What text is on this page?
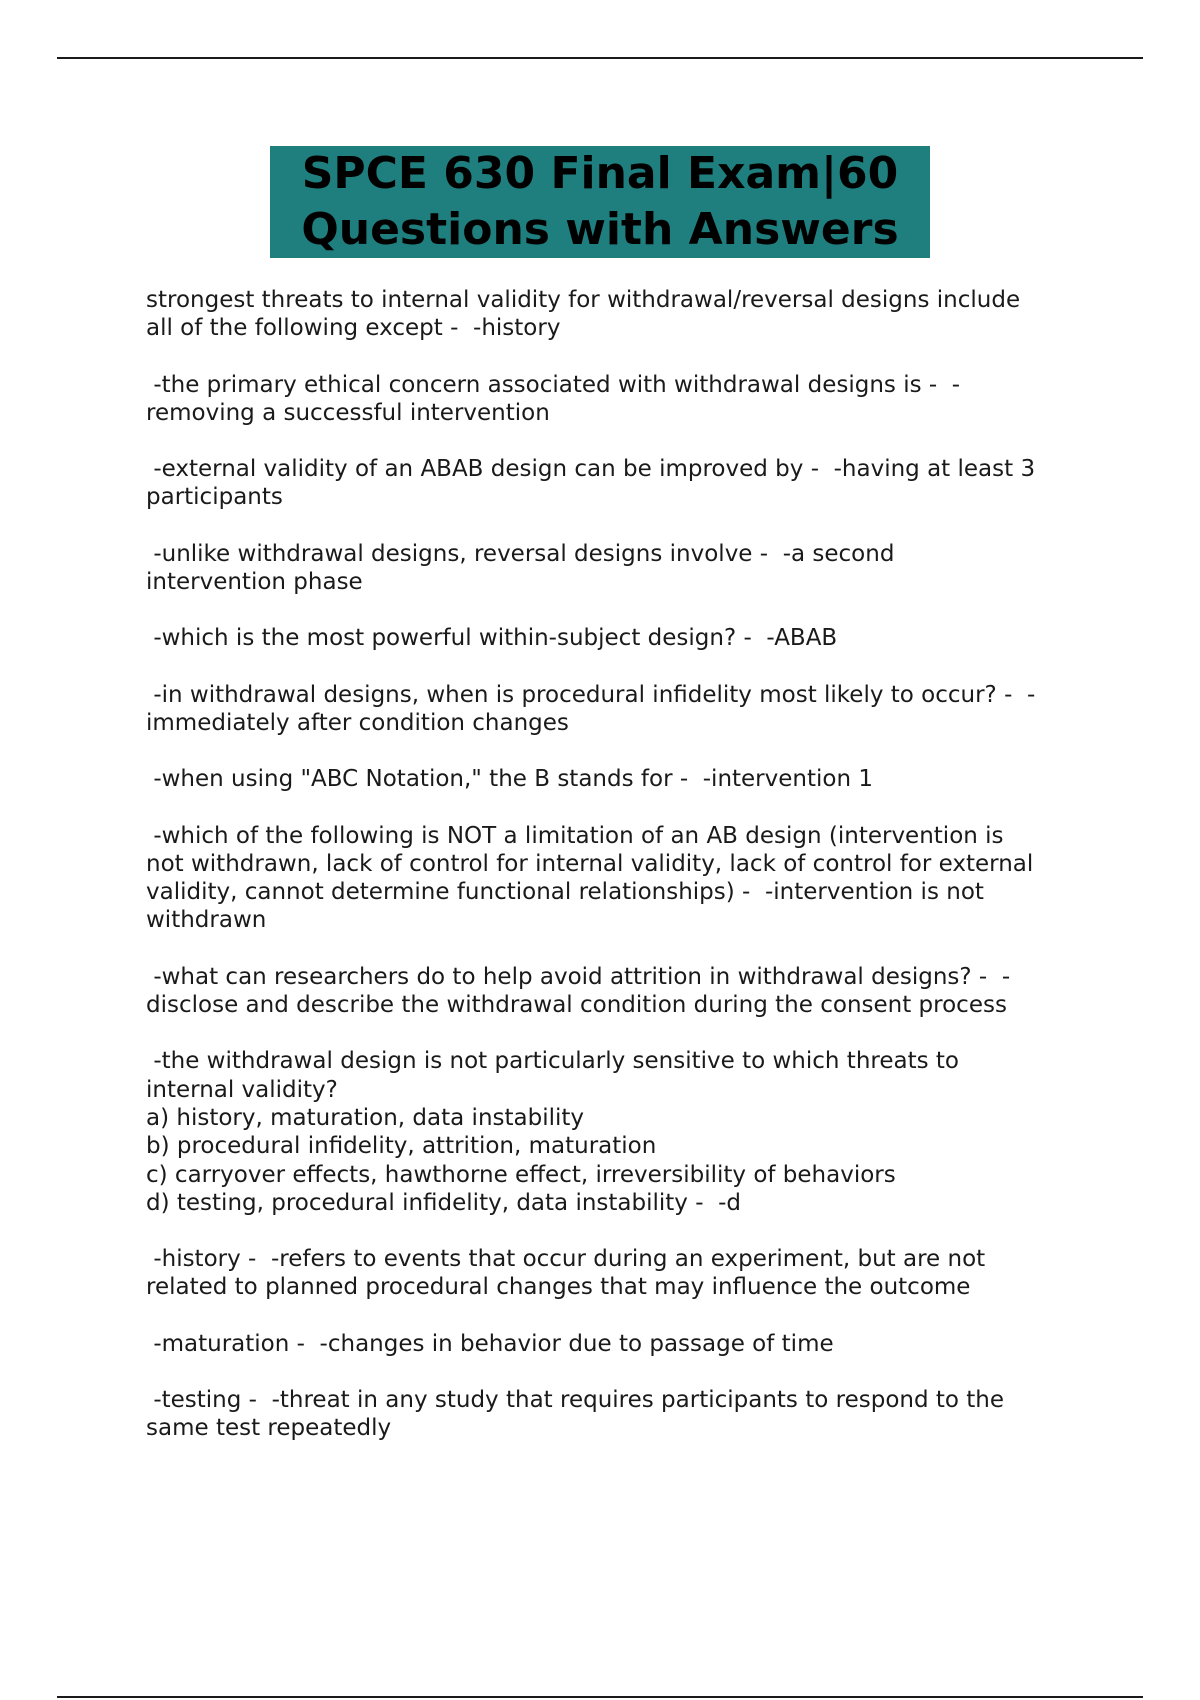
SPCE 630 Final Exam|60
Questions with Answers
strongest threats to internal validity for withdrawal/reversal designs include
all of the following except -  -history
-the primary ethical concern associated with withdrawal designs is -  -
removing a successful intervention
-external validity of an ABAB design can be improved by -  -having at least 3
participants
-unlike withdrawal designs, reversal designs involve -  -a second
intervention phase
-which is the most powerful within-subject design? -  -ABAB
-in withdrawal designs, when is procedural infidelity most likely to occur? -  -
immediately after condition changes
-when using "ABC Notation," the B stands for -  -intervention 1
-which of the following is NOT a limitation of an AB design (intervention is
not withdrawn, lack of control for internal validity, lack of control for external
validity, cannot determine functional relationships) -  -intervention is not
withdrawn
-what can researchers do to help avoid attrition in withdrawal designs? -  -
disclose and describe the withdrawal condition during the consent process
-the withdrawal design is not particularly sensitive to which threats to
internal validity?
a) history, maturation, data instability
b) procedural infidelity, attrition, maturation
c) carryover effects, hawthorne effect, irreversibility of behaviors
d) testing, procedural infidelity, data instability -  -d
-history -  -refers to events that occur during an experiment, but are not
related to planned procedural changes that may influence the outcome
-maturation -  -changes in behavior due to passage of time
-testing -  -threat in any study that requires participants to respond to the
same test repeatedly
